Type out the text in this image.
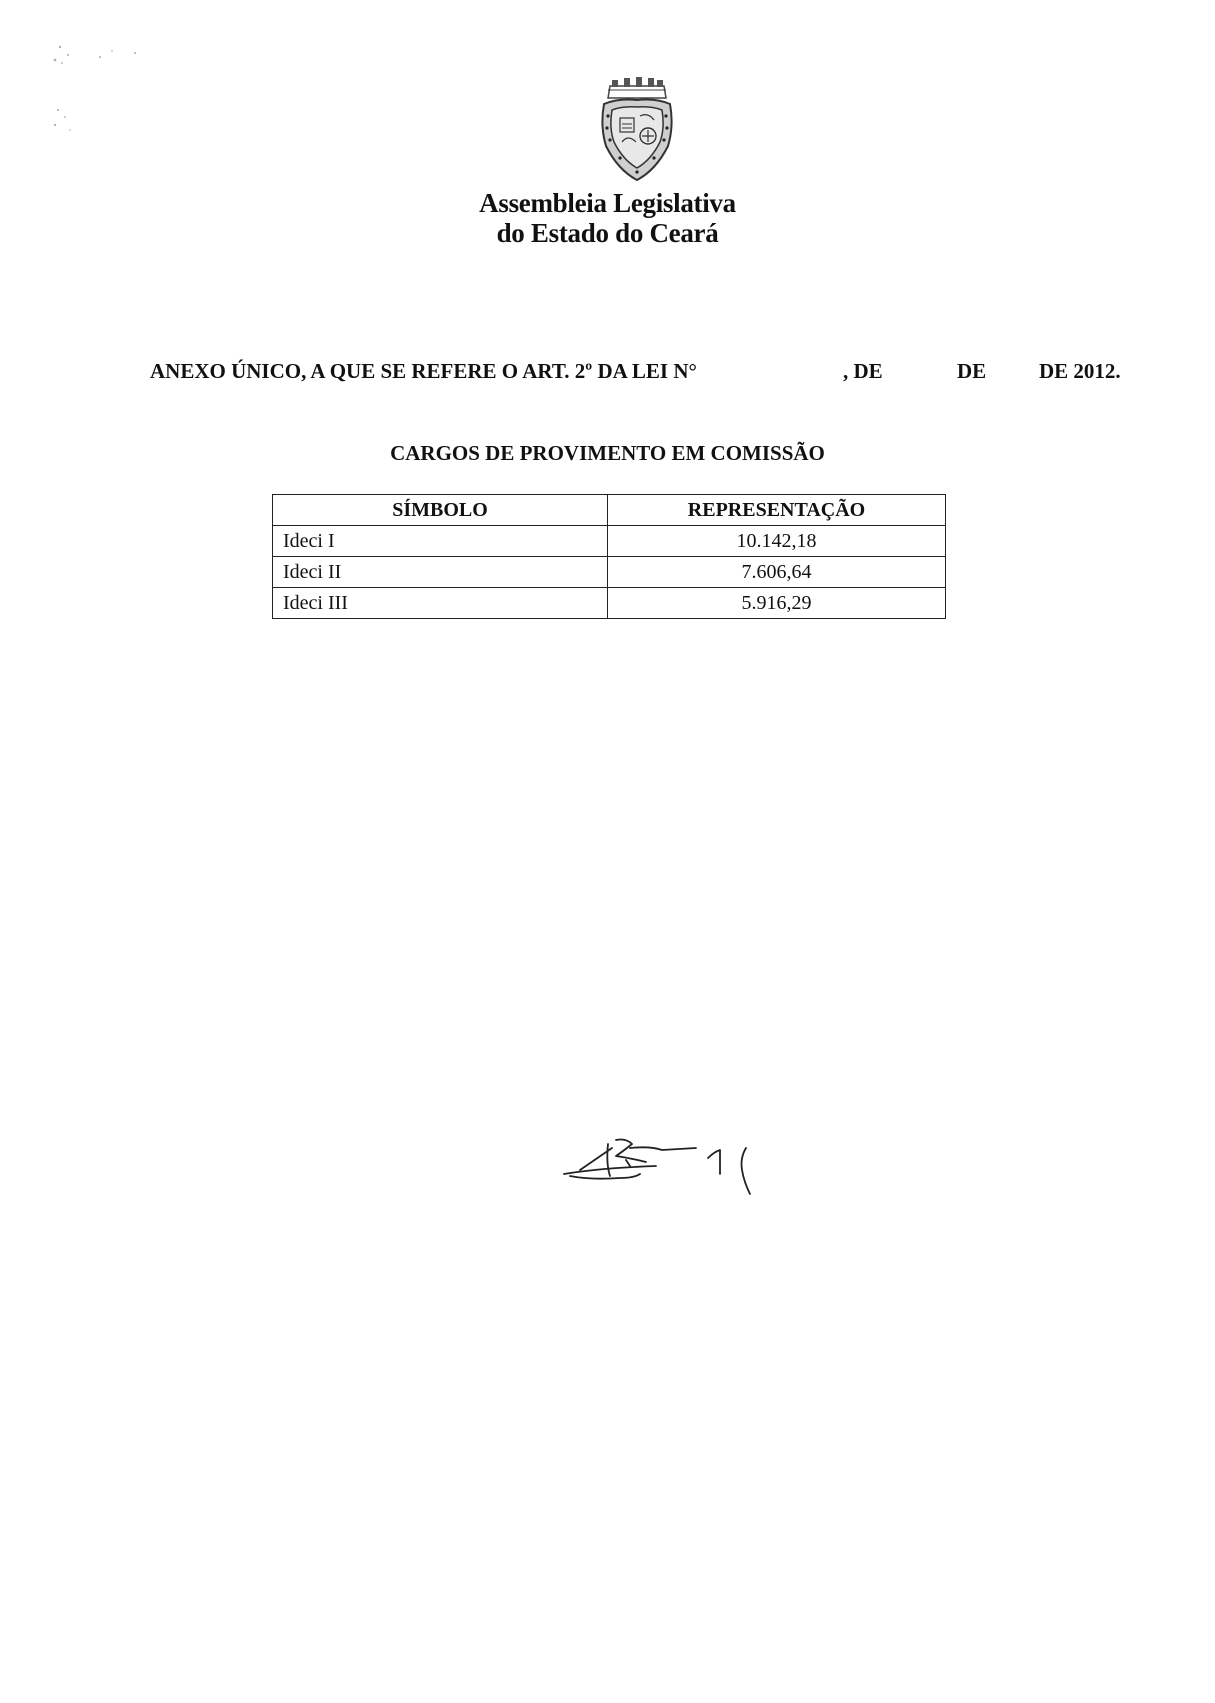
Assembleia Legislativa
do Estado do Ceará
ANEXO ÚNICO, A QUE SE REFERE O ART. 2º DA LEI N°	, DE	DE	DE 2012.
CARGOS DE PROVIMENTO EM COMISSÃO
SÍMBOLO	REPRESENTAÇÃO
Ideci I	10.142,18
Ideci II	7.606,64
Ideci III	5.916,29
